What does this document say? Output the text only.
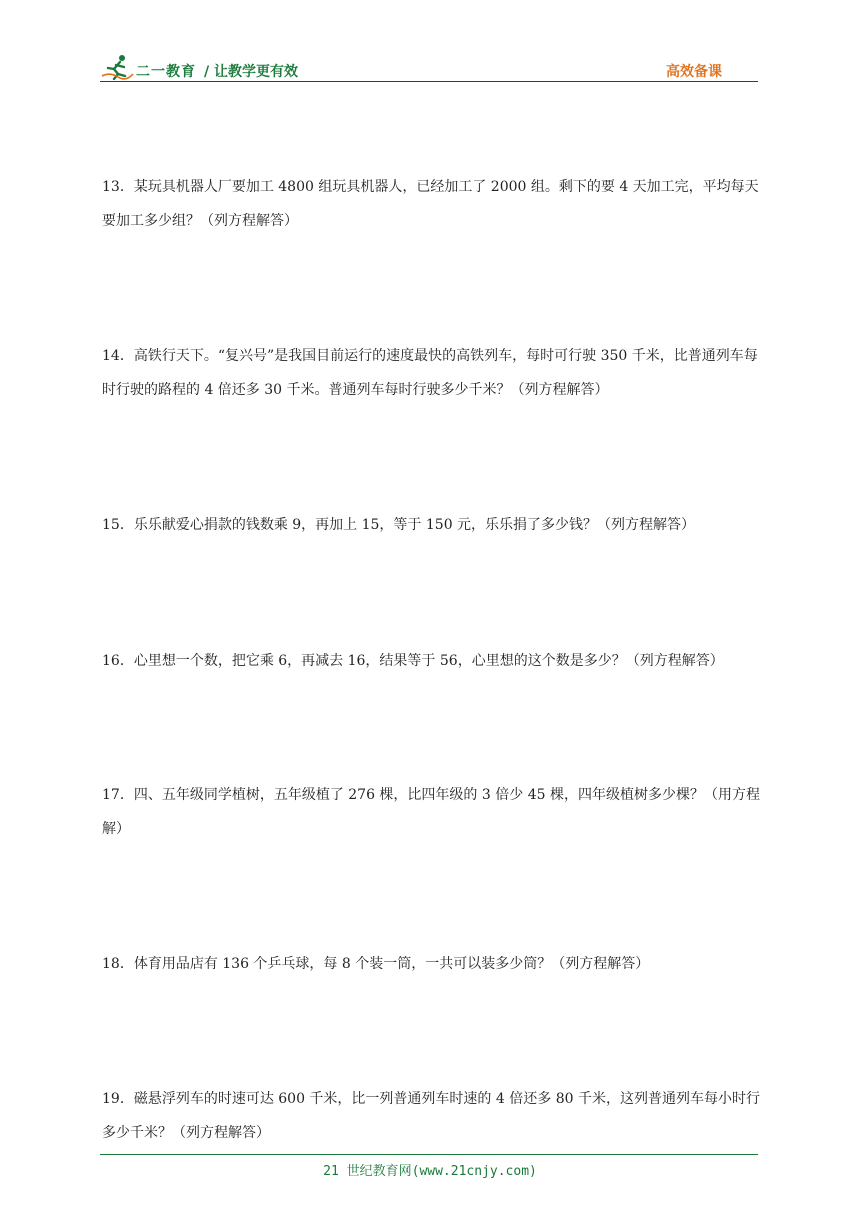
二一教育 / 让教学更有效	高效备课

13．某玩具机器人厂要加工 4800 组玩具机器人，已经加工了 2000 组。剩下的要 4 天加工完，平均每天要加工多少组？（列方程解答）

14．高铁行天下。“复兴号”是我国目前运行的速度最快的高铁列车，每时可行驶 350 千米，比普通列车每时行驶的路程的 4 倍还多 30 千米。普通列车每时行驶多少千米？（列方程解答）

15．乐乐献爱心捐款的钱数乘 9，再加上 15，等于 150 元，乐乐捐了多少钱？（列方程解答）

16．心里想一个数，把它乘 6，再减去 16，结果等于 56，心里想的这个数是多少？（列方程解答）

17．四、五年级同学植树，五年级植了 276 棵，比四年级的 3 倍少 45 棵，四年级植树多少棵？（用方程解）

18．体育用品店有 136 个乒乓球，每 8 个装一筒，一共可以装多少筒？（列方程解答）

19．磁悬浮列车的时速可达 600 千米，比一列普通列车时速的 4 倍还多 80 千米，这列普通列车每小时行多少千米？（列方程解答）

21 世纪教育网(www.21cnjy.com)
